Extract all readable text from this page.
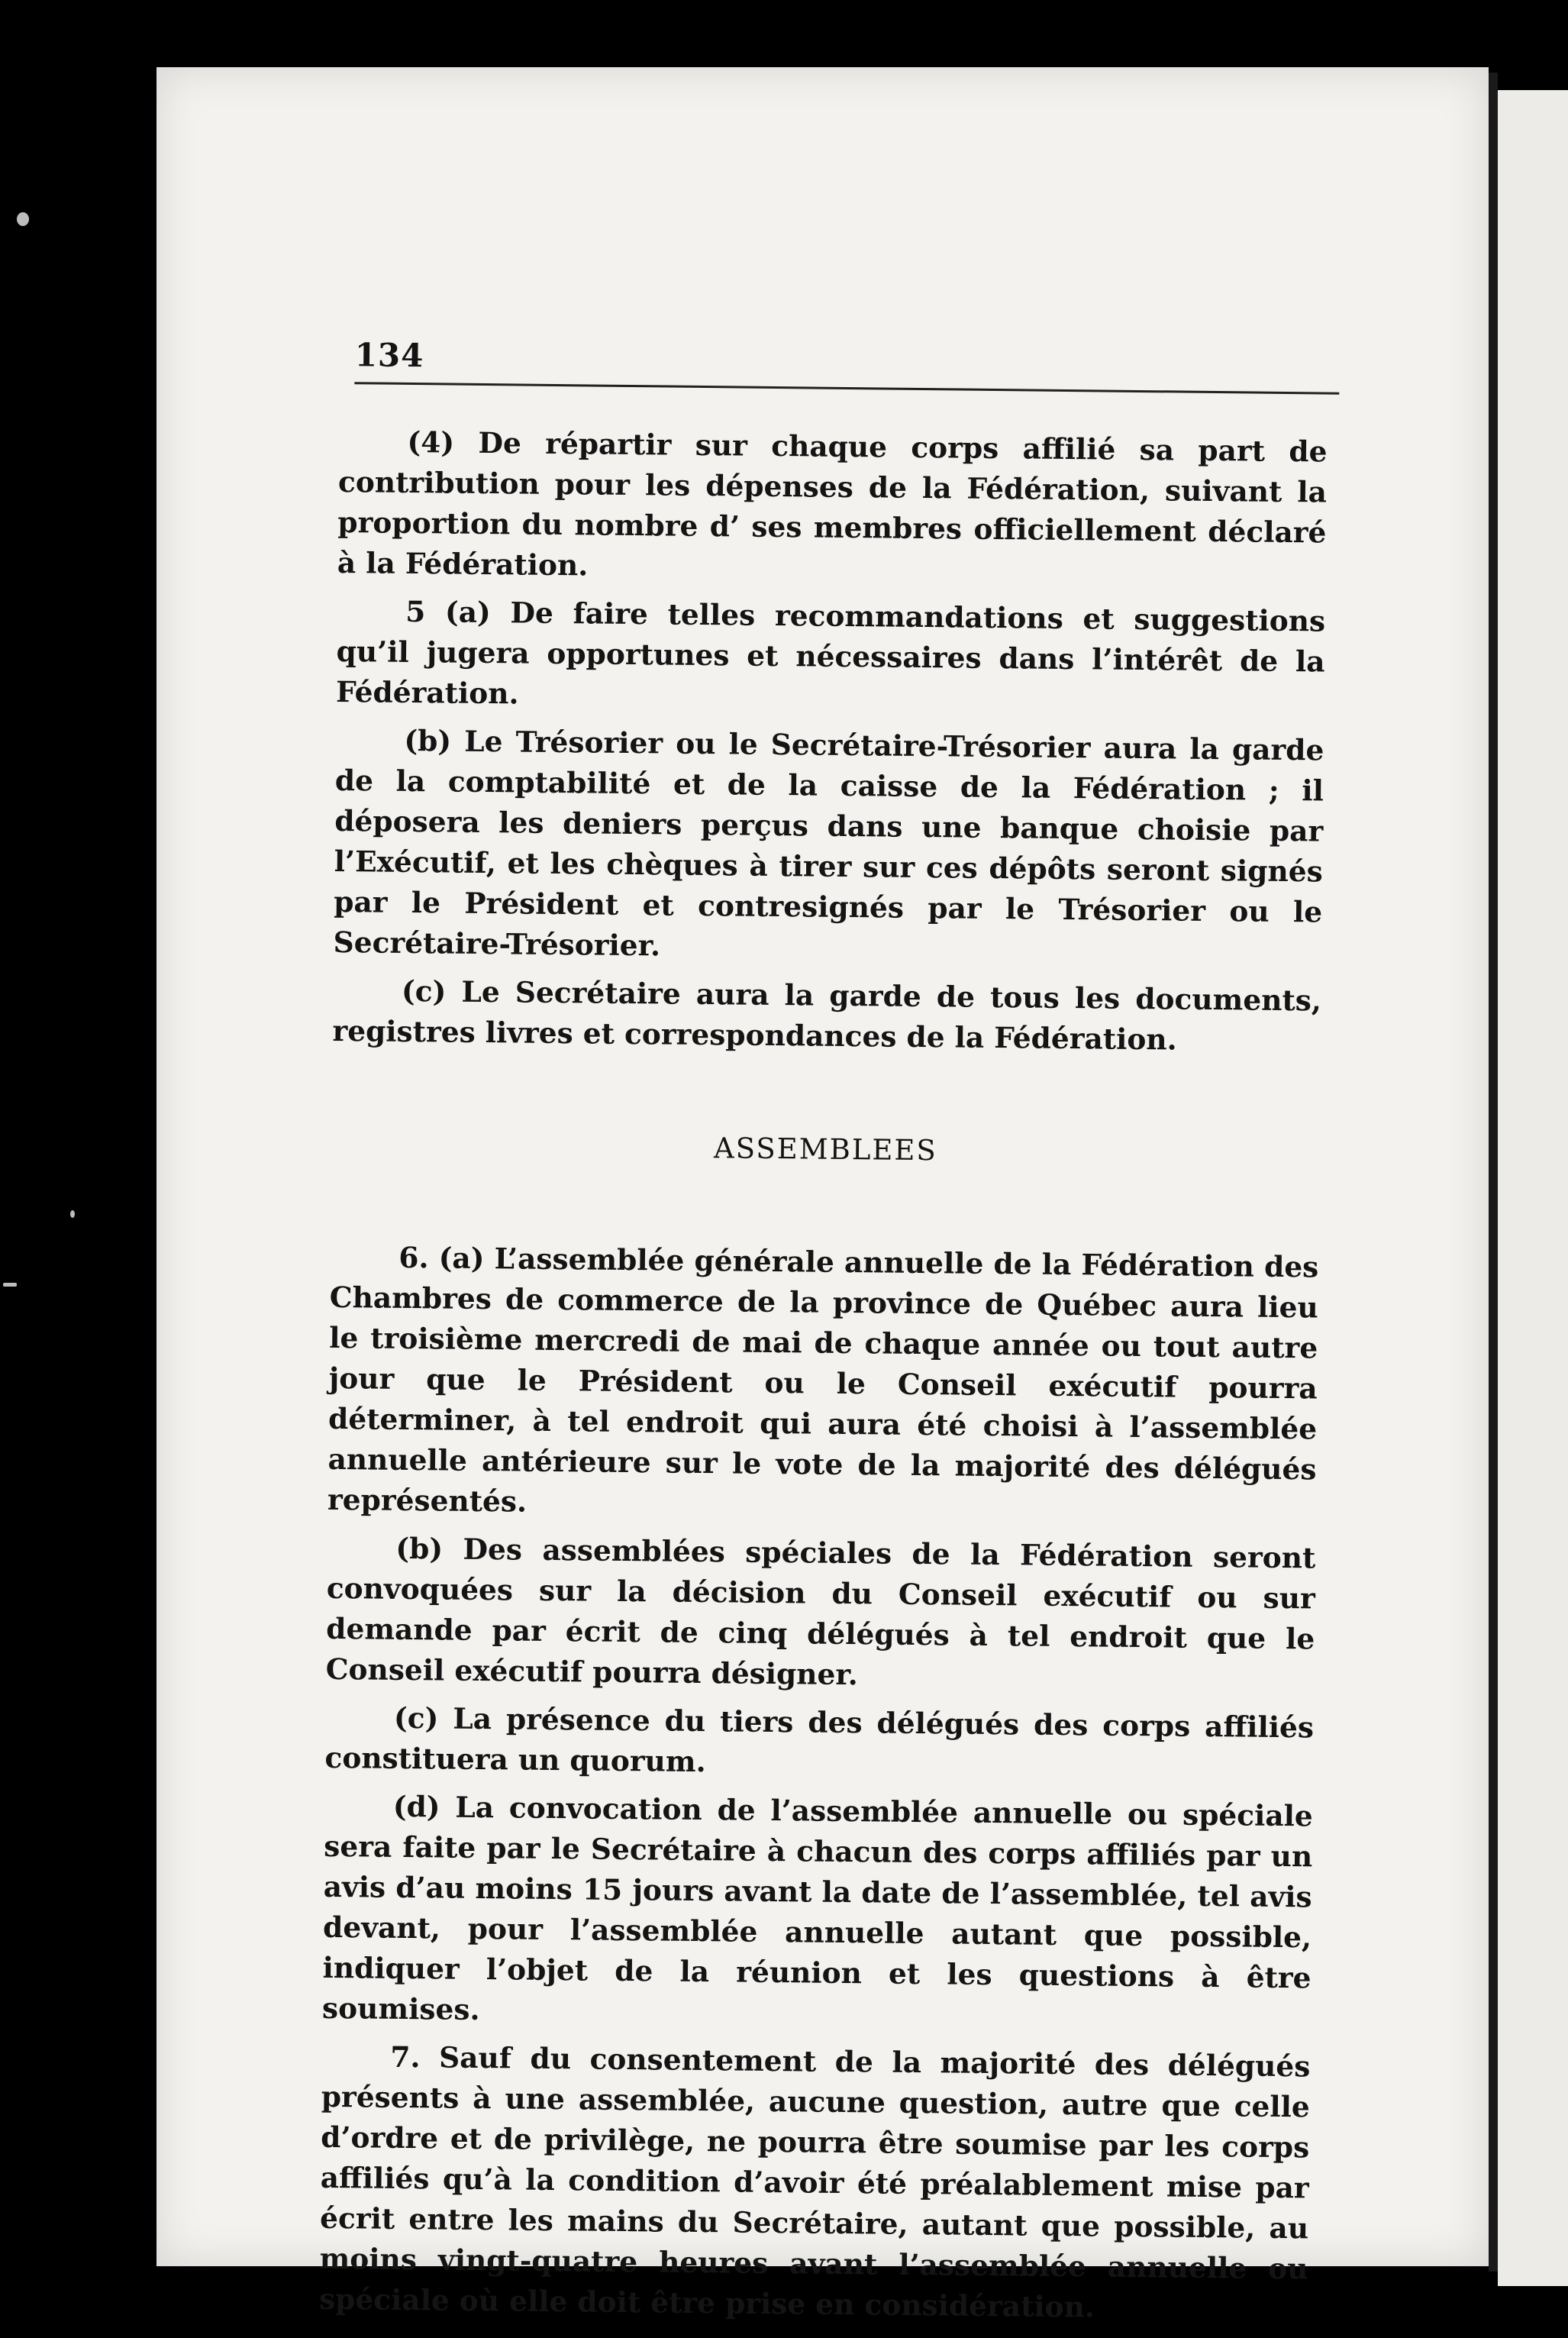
134

(4) De répartir sur chaque corps affilié sa part de contribution pour les dépenses de la Fédération, suivant la proportion du nombre d’ ses membres officiellement déclaré à la Fédération.

5 (a) De faire telles recommandations et suggestions qu’il jugera opportunes et nécessaires dans l’intérêt de la Fédération.

(b) Le Trésorier ou le Secrétaire-Trésorier aura la garde de la comptabilité et de la caisse de la Fédération ; il déposera les deniers perçus dans une banque choisie par l’Exécutif, et les chèques à tirer sur ces dépôts seront signés par le Président et contresignés par le Trésorier ou le Secrétaire-Trésorier.

(c) Le Secrétaire aura la garde de tous les documents, registres livres et correspondances de la Fédération.

ASSEMBLEES

6. (a) L’assemblée générale annuelle de la Fédération des Chambres de commerce de la province de Québec aura lieu le troisième mercredi de mai de chaque année ou tout autre jour que le Président ou le Conseil exécutif pourra déterminer, à tel endroit qui aura été choisi à l’assemblée annuelle antérieure sur le vote de la majorité des délégués représentés.

(b) Des assemblées spéciales de la Fédération seront convoquées sur la décision du Conseil exécutif ou sur demande par écrit de cinq délégués à tel endroit que le Conseil exécutif pourra désigner.

(c) La présence du tiers des délégués des corps affiliés constituera un quorum.

(d) La convocation de l’assemblée annuelle ou spéciale sera faite par le Secrétaire à chacun des corps affiliés par un avis d’au moins 15 jours avant la date de l’assemblée, tel avis devant, pour l’assemblée annuelle autant que possible, indiquer l’objet de la réunion et les questions à être soumises.

7. Sauf du consentement de la majorité des délégués présents à une assemblée, aucune question, autre que celle d’ordre et de privilège, ne pourra être soumise par les corps affiliés qu’à la condition d’avoir été préalablement mise par écrit entre les mains du Secrétaire, autant que possible, au moins vingt-quatre heures avant l’assemblée annuelle ou spéciale où elle doit être prise en considération.
